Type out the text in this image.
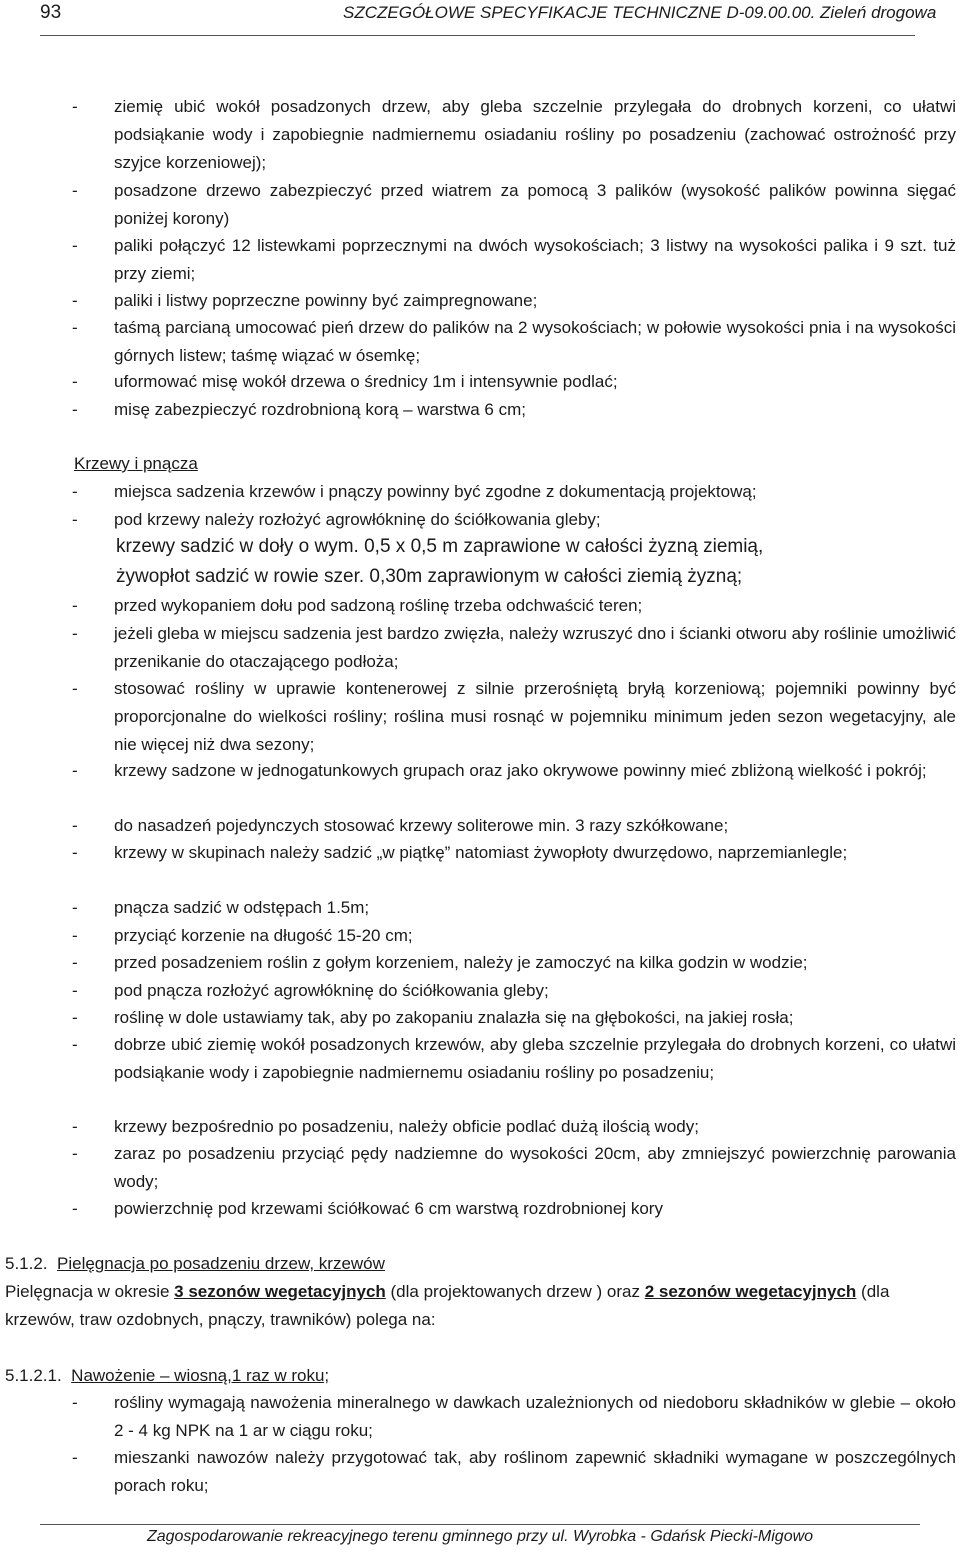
93	SZCZEGÓŁOWE SPECYFIKACJE TECHNICZNE D-09.00.00. Zieleń drogowa
- ziemię ubić wokół posadzonych drzew, aby gleba szczelnie przylegała do drobnych korzeni, co ułatwi podsiąkanie wody i zapobiegnie nadmiernemu osiadaniu rośliny po posadzeniu (zachować ostrożność przy szyjce korzeniowej);
- posadzone drzewo zabezpieczyć przed wiatrem za pomocą 3 palików (wysokość palików powinna sięgać poniżej korony)
- paliki połączyć 12 listewkami poprzecznymi na dwóch wysokościach; 3 listwy na wysokości palika i 9 szt. tuż przy ziemi;
- paliki i listwy poprzeczne powinny być zaimpregnowane;
- taśmą parcianą umocować pień drzew do palików na 2 wysokościach; w połowie wysokości pnia i na wysokości górnych listew; taśmę wiązać w ósemkę;
- uformować misę wokół drzewa o średnicy 1m i intensywnie podlać;
- misę zabezpieczyć rozdrobnioną korą – warstwa 6 cm;
Krzewy i pnącza
- miejsca sadzenia krzewów i pnączy powinny być zgodne z dokumentacją projektową;
- pod krzewy należy rozłożyć agrowłókninę do ściółkowania gleby;
krzewy sadzić w doły o wym. 0,5 x 0,5 m zaprawione w całości żyzną ziemią,
żywopłot sadzić w rowie szer. 0,30m zaprawionym w całości ziemią żyzną;
- przed wykopaniem dołu pod sadzoną roślinę trzeba odchwaścić teren;
- jeżeli gleba w miejscu sadzenia jest bardzo zwięzła, należy wzruszyć dno i ścianki otworu aby roślinie umożliwić przenikanie do otaczającego podłoża;
- stosować rośliny w uprawie kontenerowej z silnie przerośniętą bryłą korzeniową; pojemniki powinny być proporcjonalne do wielkości rośliny; roślina musi rosnąć w pojemniku minimum jeden sezon wegetacyjny, ale nie więcej niż dwa sezony;
- krzewy sadzone w jednogatunkowych grupach oraz jako okrywowe powinny mieć zbliżoną wielkość i pokrój;
- do nasadzeń pojedynczych stosować krzewy soliterowe min. 3 razy szkółkowane;
- krzewy w skupinach należy sadzić „w piątkę” natomiast żywopłoty dwurzędowo, naprzemianlegle;
- pnącza sadzić w odstępach 1.5m;
- przyciąć korzenie na długość 15-20 cm;
- przed posadzeniem roślin z gołym korzeniem, należy je zamoczyć na kilka godzin w wodzie;
- pod pnącza rozłożyć agrowłókninę do ściółkowania gleby;
- roślinę w dole ustawiamy tak, aby po zakopaniu znalazła się na głębokości, na jakiej rosła;
- dobrze ubić ziemię wokół posadzonych krzewów, aby gleba szczelnie przylegała do drobnych korzeni, co ułatwi podsiąkanie wody i zapobiegnie nadmiernemu osiadaniu rośliny po posadzeniu;
- krzewy bezpośrednio po posadzeniu, należy obficie podlać dużą ilością wody;
- zaraz po posadzeniu przyciąć pędy nadziemne do wysokości 20cm, aby zmniejszyć powierzchnię parowania wody;
- powierzchnię pod krzewami ściółkować 6 cm warstwą rozdrobnionej kory
5.1.2. Pielęgnacja po posadzeniu drzew, krzewów
Pielęgnacja w okresie 3 sezonów wegetacyjnych (dla projektowanych drzew ) oraz 2 sezonów wegetacyjnych (dla krzewów, traw ozdobnych, pnączy, trawników) polega na:
5.1.2.1. Nawożenie – wiosną,1 raz w roku;
- rośliny wymagają nawożenia mineralnego w dawkach uzależnionych od niedoboru składników w glebie – około 2 - 4 kg NPK na 1 ar w ciągu roku;
- mieszanki nawozów należy przygotować tak, aby roślinom zapewnić składniki wymagane w poszczególnych porach roku;
Zagospodarowanie rekreacyjnego terenu gminnego przy ul. Wyrobka - Gdańsk Piecki-Migowo
